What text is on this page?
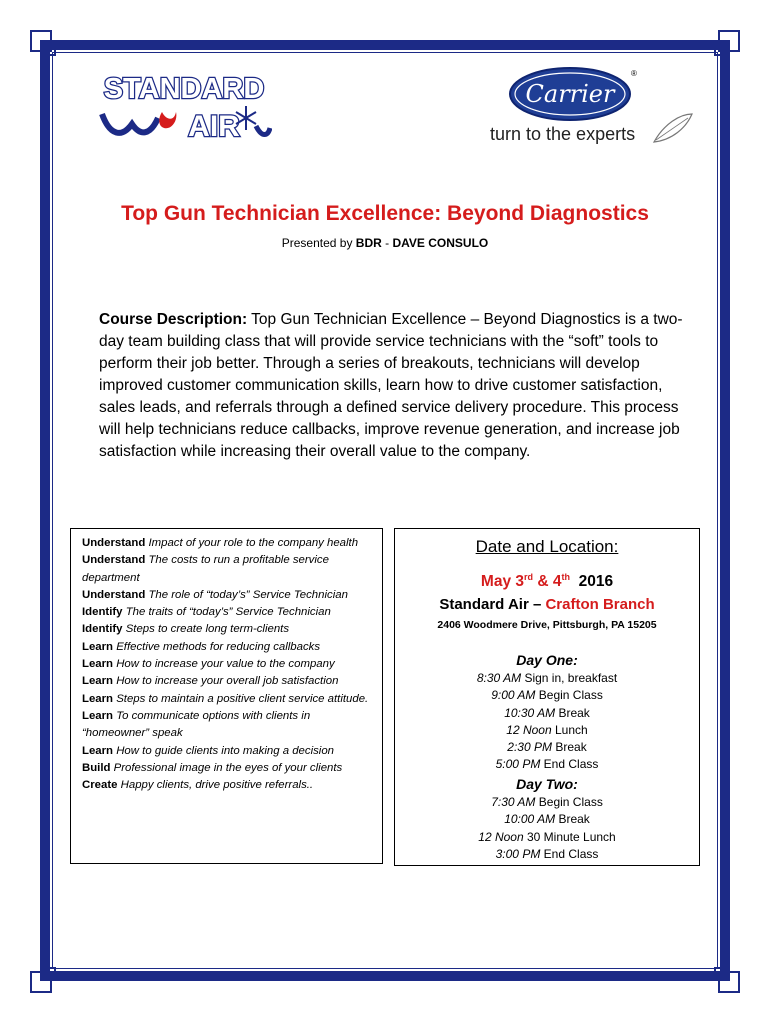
STANDARD
AIR
Carrier
®
turn to the experts
Top Gun Technician Excellence: Beyond Diagnostics
Presented by BDR - DAVE CONSULO
Course Description: Top Gun Technician Excellence – Beyond Diagnostics is a two-day team building class that will provide service technicians with the “soft” tools to perform their job better. Through a series of breakouts, technicians will develop improved customer communication skills, learn how to drive customer satisfaction, sales leads, and referrals through a defined service delivery procedure. This process will help technicians reduce callbacks, improve revenue generation, and increase job satisfaction while increasing their overall value to the company.
Understand Impact of your role to the company health
Understand The costs to run a profitable service department
Understand The role of “today’s” Service Technician
Identify The traits of “today’s” Service Technician
Identify Steps to create long term-clients
Learn Effective methods for reducing callbacks
Learn How to increase your value to the company
Learn How to increase your overall job satisfaction
Learn Steps to maintain a positive client service attitude.
Learn To communicate options with clients in “homeowner” speak
Learn How to guide clients into making a decision
Build Professional image in the eyes of your clients
Create Happy clients, drive positive referrals..
Date and Location:
May 3rd & 4th 2016
Standard Air – Crafton Branch
2406 Woodmere Drive, Pittsburgh, PA 15205
Day One:
8:30 AM Sign in, breakfast
9:00 AM Begin Class
10:30 AM Break
12 Noon Lunch
2:30 PM Break
5:00 PM End Class
Day Two:
7:30 AM Begin Class
10:00 AM Break
12 Noon 30 Minute Lunch
3:00 PM End Class
